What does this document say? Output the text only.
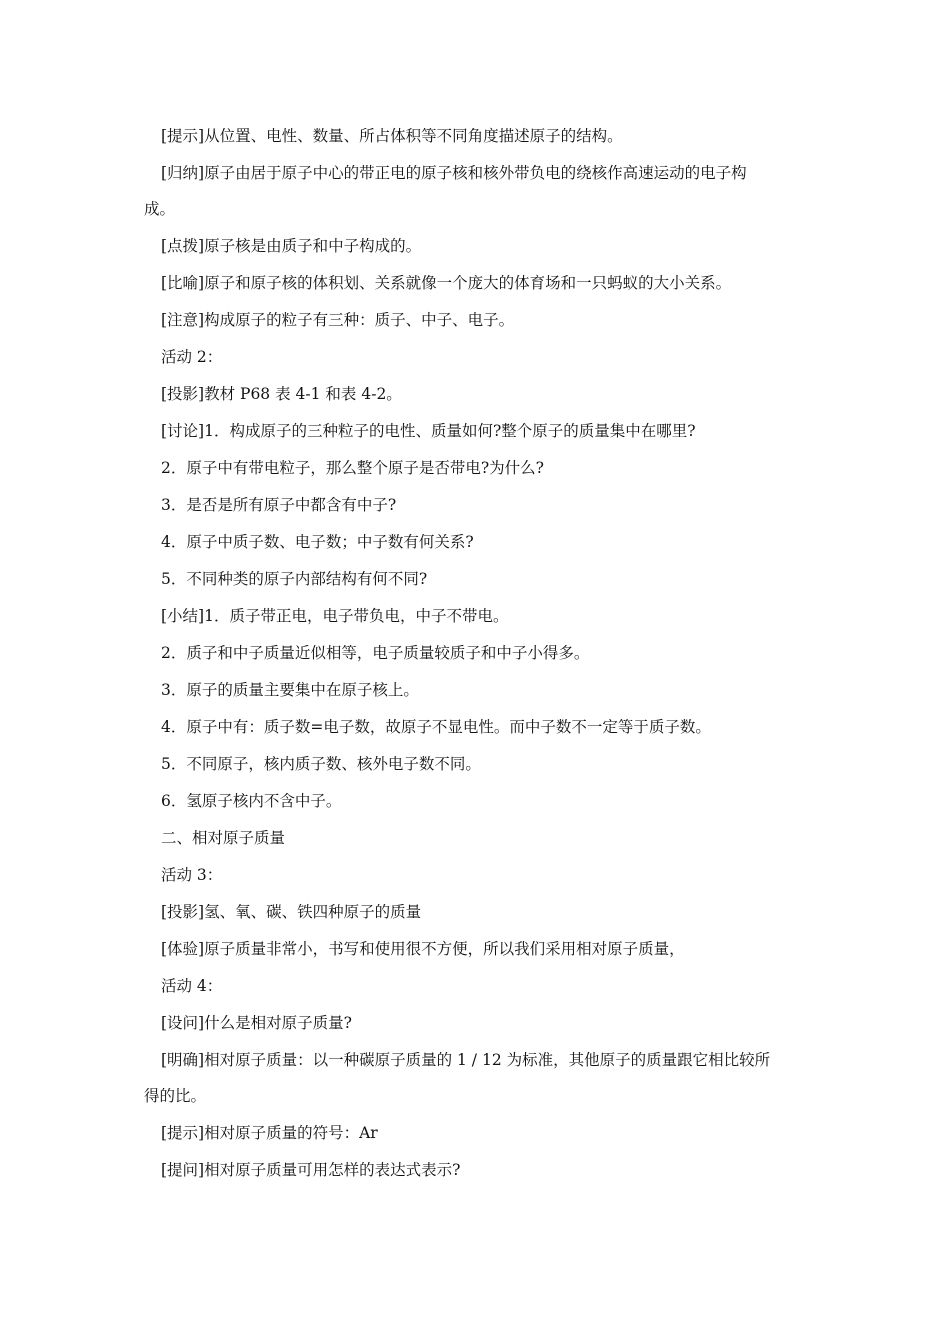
[提示]从位置、电性、数量、所占体积等不同角度描述原子的结构。
[归纳]原子由居于原子中心的带正电的原子核和核外带负电的绕核作高速运动的电子构
成。
[点拨]原子核是由质子和中子构成的。
[比喻]原子和原子核的体积划、关系就像一个庞大的体育场和一只蚂蚁的大小关系。
[注意]构成原子的粒子有三种：质子、中子、电子。
活动 2：
[投影]教材 P68 表 4-1 和表 4-2。
[讨论]1．构成原子的三种粒子的电性、质量如何?整个原子的质量集中在哪里?
2．原子中有带电粒子，那么整个原子是否带电?为什么?
3．是否是所有原子中都含有中子?
4．原子中质子数、电子数；中子数有何关系?
5．不同种类的原子内部结构有何不同?
[小结]1．质子带正电，电子带负电，中子不带电。
2．质子和中子质量近似相等，电子质量较质子和中子小得多。
3．原子的质量主要集中在原子核上。
4．原子中有：质子数=电子数，故原子不显电性。而中子数不一定等于质子数。
5．不同原子，核内质子数、核外电子数不同。
6．氢原子核内不含中子。
二、相对原子质量
活动 3：
[投影]氢、氧、碳、铁四种原子的质量
[体验]原子质量非常小，书写和使用很不方便，所以我们采用相对原子质量，
活动 4：
[设问]什么是相对原子质量?
[明确]相对原子质量：以一种碳原子质量的 1 / 12 为标准，其他原子的质量跟它相比较所
得的比。
[提示]相对原子质量的符号：Ar
[提问]相对原子质量可用怎样的表达式表示?
